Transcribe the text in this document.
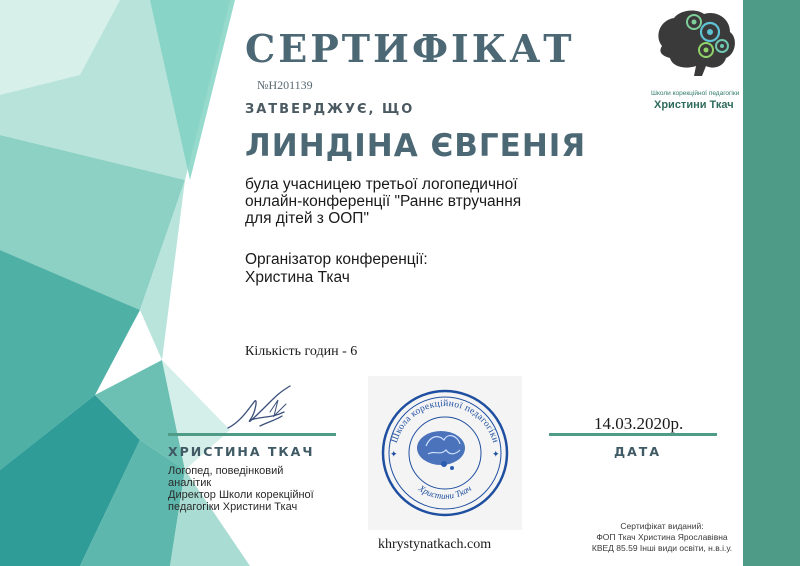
СЕРТИФІКАТ
№Н201139
ЗАТВЕРДЖУЄ, ЩО
ЛИНДІНА ЄВГЕНІЯ
була учасницею третьої логопедичної
онлайн-конференції "Раннє втручання
для дітей з ООП"
Організатор конференції:
Христина Ткач
Кількість годин - 6
ХРИСТИНА ТКАЧ
Логопед, поведінковий
аналітик
Директор Школи корекційної
педагогіки Христини Ткач
Школа корекційної педагогіки
Христини Ткач
✦	✦
khrystynatkach.com
14.03.2020р.
ДАТА
Сертифікат виданий:
ФОП Ткач Христина Ярославівна
КВЕД 85.59 Інші види освіти, н.в.і.у.
Школи корекційної педагогіки
Христини Ткач
